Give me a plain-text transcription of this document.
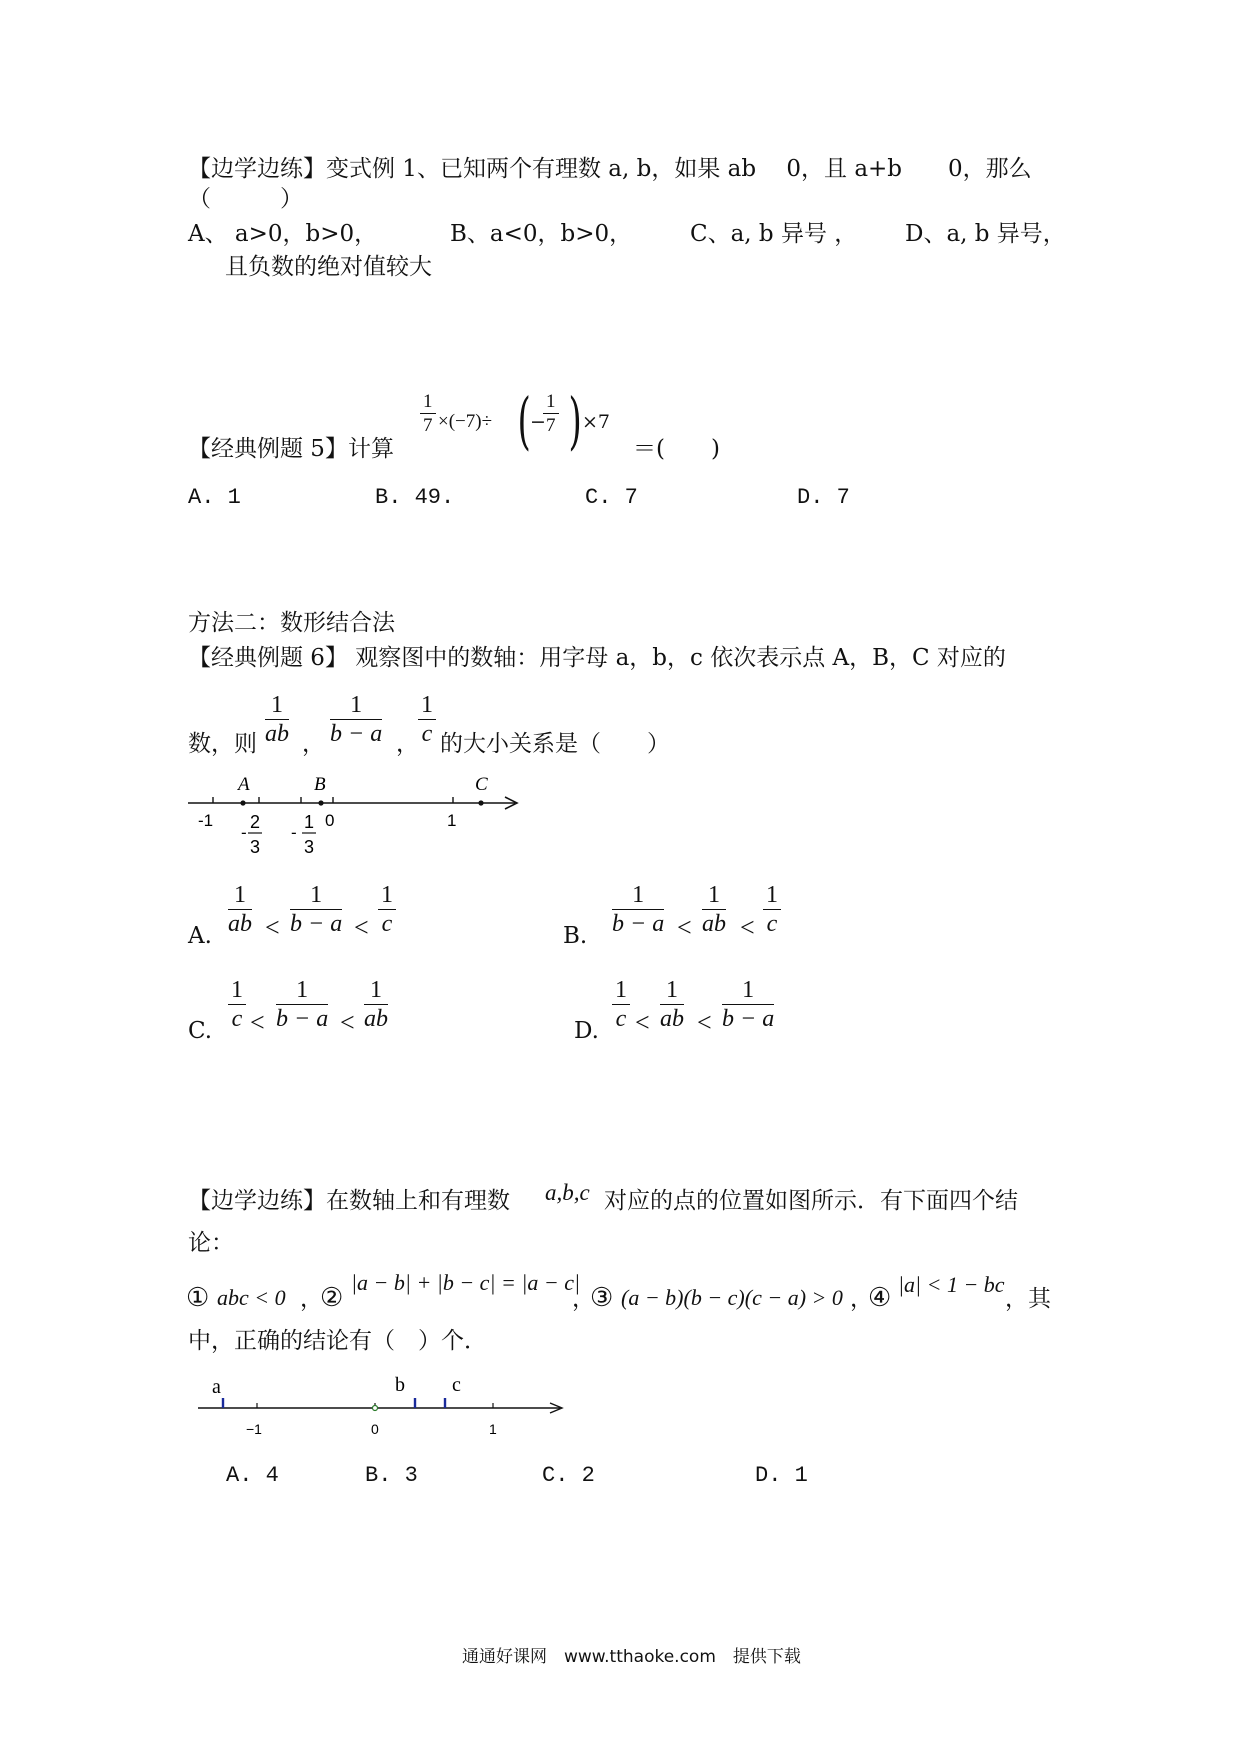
【边学边练】变式例 1、已知两个有理数 a, b，如果 ab　 0，且 a+b　　0，那么
（　　　）
A、 a>0，b>0，	B、a<0，b>0，	C、a, b 异号 ， D、a, b 异号，
且负数的绝对值较大
【经典例题 5】计算
$\frac{1}{7} \times(-7)\div$ ( −
$\frac{1}{7}$ ) ×7
＝(　　)
A. 1	B. 49.	C. 7	D. 7
方法二：数形结合法
【经典例题 6】 观察图中的数轴：用字母 a，b，c 依次表示点 A，B，C 对应的
数，则 $\frac{1}{ab}$ ， $\frac{1}{b - a}$ ， $\frac{1}{c}$ 的大小关系是（　　）
A	B	C
-1	0	1
-
2
3
-
1
3
A. $\frac{1}{ab} < \frac{1}{b - a} < \frac{1}{c}$	B. $\frac{1}{b - a} < \frac{1}{ab} < \frac{1}{c}$
C. $\frac{1}{c} < \frac{1}{b - a} < \frac{1}{ab}$	D. $\frac{1}{c} < \frac{1}{ab} < \frac{1}{b - a}$
【边学边练】在数轴上和有理数 a,b,c 对应的点的位置如图所示．有下面四个结
论：
① abc < 0 ，
②
|a − b| + |b − c| = |a − c|
，
③ (a − b)(b − c)(c − a) > 0 ，
④ |a| < 1 − bc
，其
中，正确的结论有（　）个．
a	b c
−1	0	1
A. 4	B. 3	C. 2	D. 1
通通好课网　www.tthaoke.com　提供下载
